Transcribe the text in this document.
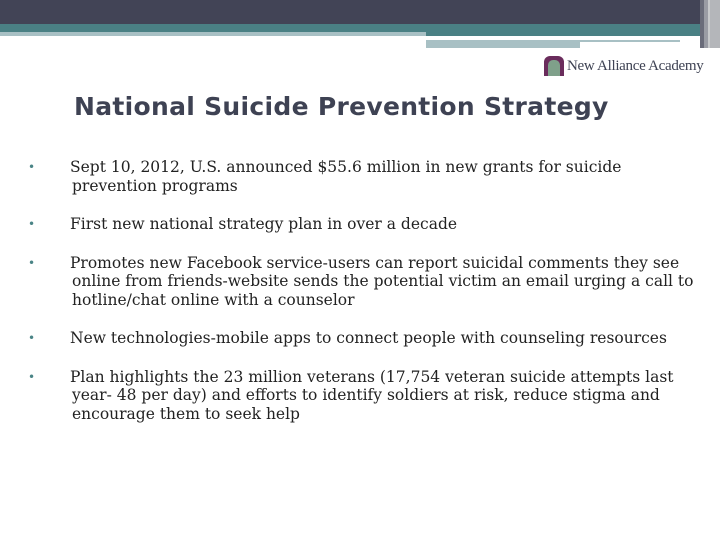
New Alliance Academy
National Suicide Prevention Strategy
• Sept 10, 2012, U.S. announced $55.6 million in new grants for suicide prevention programs
• First new national strategy plan in over a decade
• Promotes new Facebook service-users can report suicidal comments they see online from friends-website sends the potential victim an email urging a call to hotline/chat online with a counselor
• New technologies-mobile apps to connect people with counseling resources
• Plan highlights the 23 million veterans (17,754 veteran suicide attempts last year- 48 per day) and efforts to identify soldiers at risk, reduce stigma and encourage them to seek help
